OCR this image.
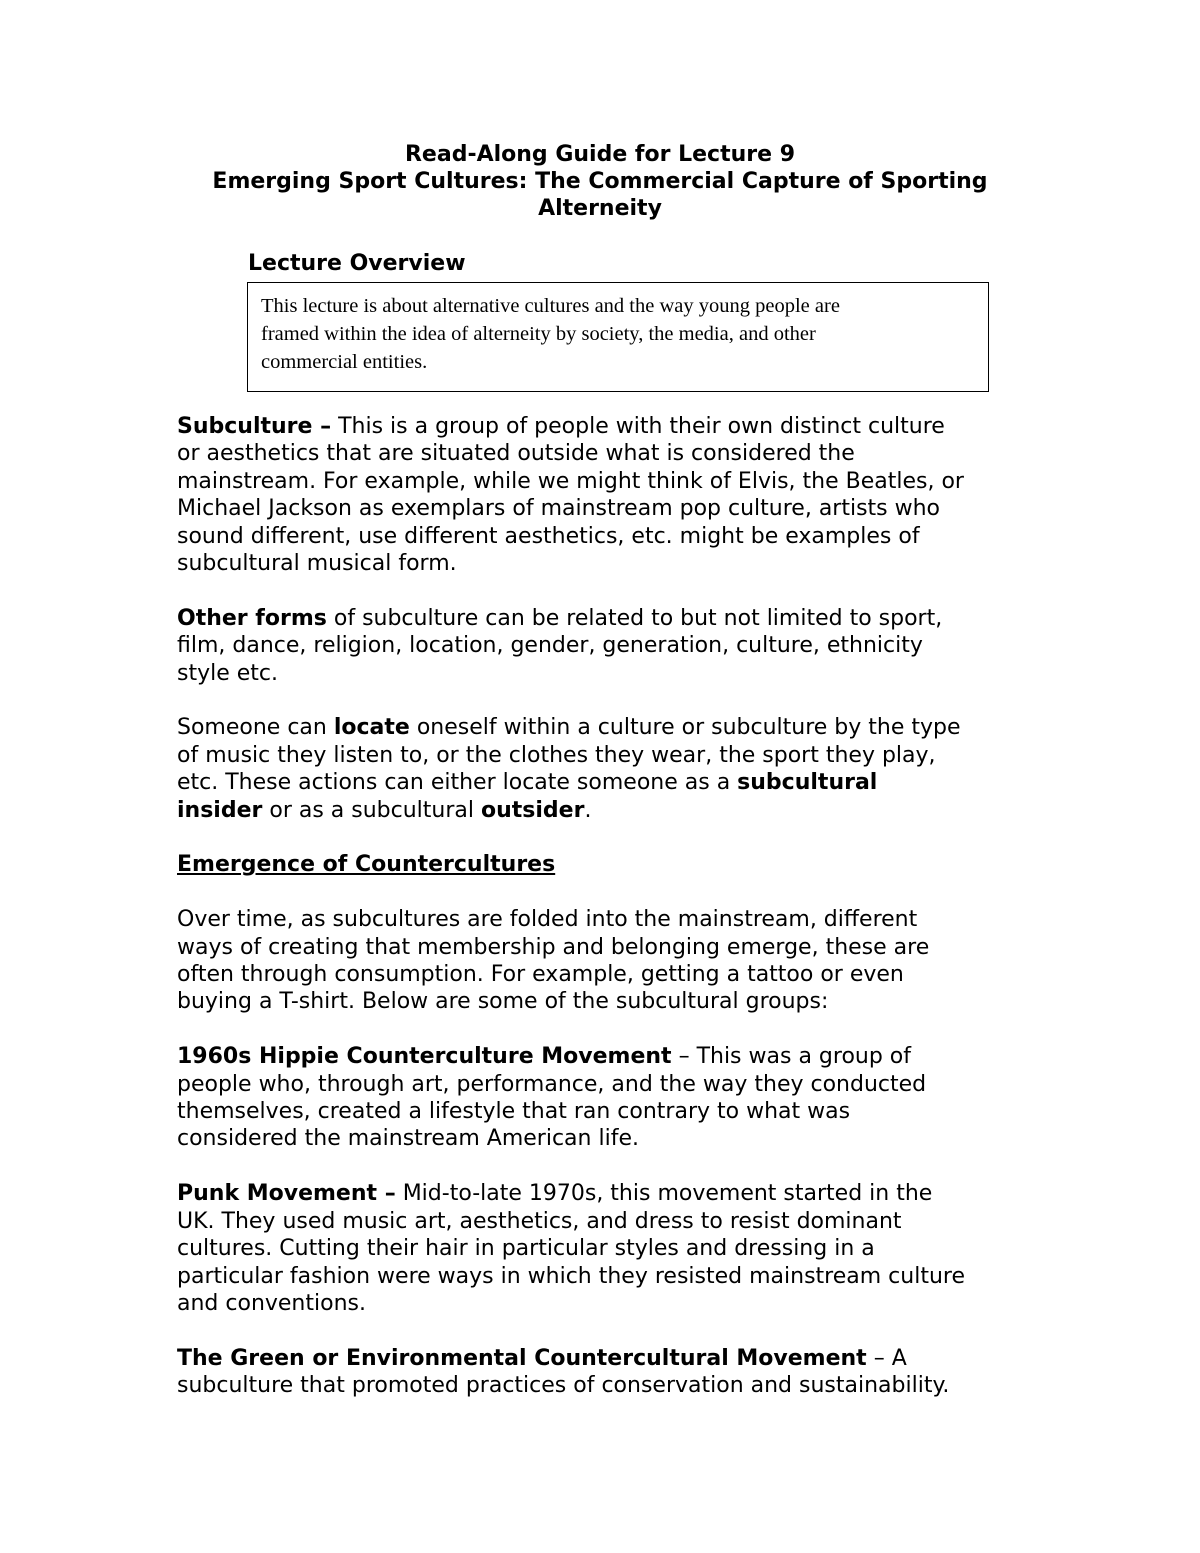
Read-Along Guide for Lecture 9
Emerging Sport Cultures: The Commercial Capture of Sporting
Alterneity
Lecture Overview
This lecture is about alternative cultures and the way young people are
framed within the idea of alterneity by society, the media, and other
commercial entities.
Subculture – This is a group of people with their own distinct culture
or aesthetics that are situated outside what is considered the
mainstream. For example, while we might think of Elvis, the Beatles, or
Michael Jackson as exemplars of mainstream pop culture, artists who
sound different, use different aesthetics, etc. might be examples of
subcultural musical form.
Other forms of subculture can be related to but not limited to sport,
film, dance, religion, location, gender, generation, culture, ethnicity
style etc.
Someone can locate oneself within a culture or subculture by the type
of music they listen to, or the clothes they wear, the sport they play,
etc. These actions can either locate someone as a subcultural
insider or as a subcultural outsider.
Emergence of Countercultures
Over time, as subcultures are folded into the mainstream, different
ways of creating that membership and belonging emerge, these are
often through consumption. For example, getting a tattoo or even
buying a T-shirt. Below are some of the subcultural groups:
1960s Hippie Counterculture Movement – This was a group of
people who, through art, performance, and the way they conducted
themselves, created a lifestyle that ran contrary to what was
considered the mainstream American life.
Punk Movement – Mid-to-late 1970s, this movement started in the
UK. They used music art, aesthetics, and dress to resist dominant
cultures. Cutting their hair in particular styles and dressing in a
particular fashion were ways in which they resisted mainstream culture
and conventions.
The Green or Environmental Countercultural Movement – A
subculture that promoted practices of conservation and sustainability.
